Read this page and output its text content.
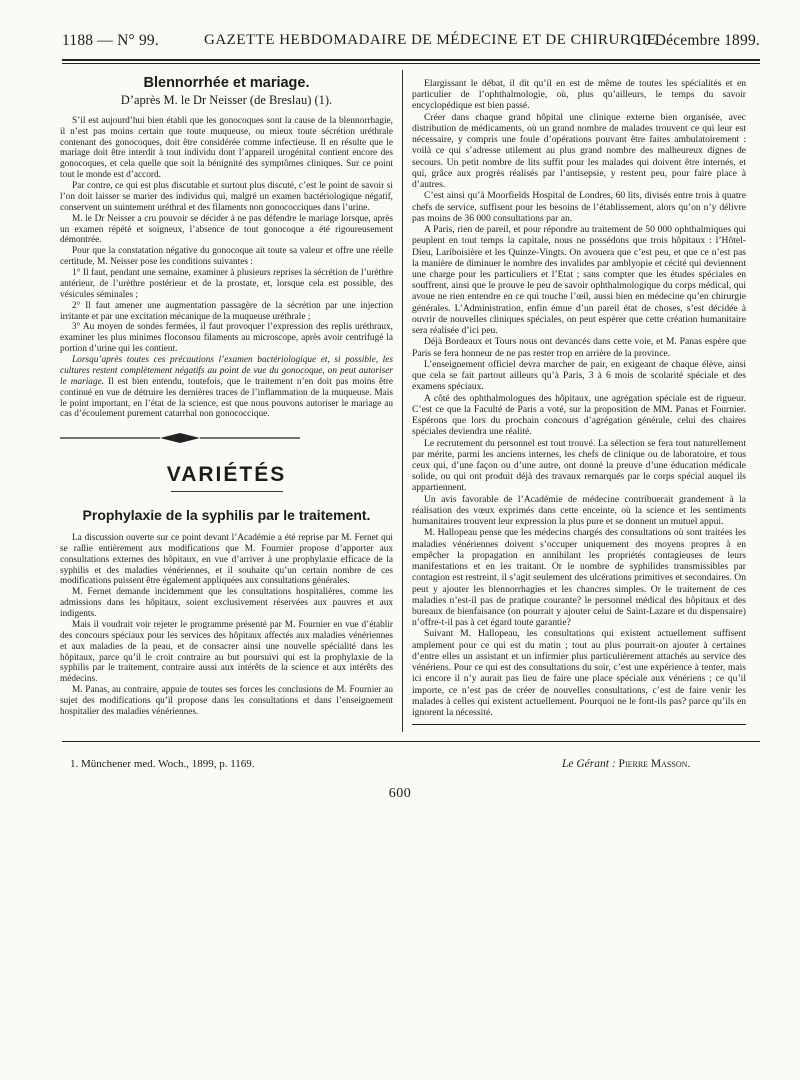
1188 — N° 99.	GAZETTE HEBDOMADAIRE DE MÉDECINE ET DE CHIRURGIE
10 Décembre 1899.
Blennorrhée et mariage.
D’après M. le Dr Neisser (de Breslau) (1).

S’il est aujourd’hui bien établi que les gonocoques sont la cause de la blennorrhagie, il n’est pas moins certain que toute muqueuse, ou mieux toute sécrétion uréthrale contenant des gonocoques, doit être considérée comme infectieuse. Il en résulte que le mariage doit être interdit à tout individu dont l’appareil urogénital contient encore des gonocoques, et cela quelle que soit la bénignité des symptômes cliniques. Sur ce point tout le monde est d’accord.

Par contre, ce qui est plus discutable et surtout plus discuté, c’est le point de savoir si l’on doit laisser se marier des individus qui, malgré un examen bactériologique négatif, conservent un suintement uréthral et des filaments non gonococciques dans l’urine.

M. le Dr Neisser a cru pouvoir se décider à ne pas défendre le mariage lorsque, après un examen répété et soigneux, l’absence de tout gonocoque a été rigoureusement démontrée.

Pour que la constatation négative du gonocoque ait toute sa valeur et offre une réelle certitude, M. Neisser pose les conditions suivantes :

1° Il faut, pendant une semaine, examiner à plusieurs reprises la sécrétion de l’urèthre antérieur, de l’urèthre postérieur et de la prostate, et, lorsque cela est possible, des vésicules séminales ;

2° Il faut amener une augmentation passagère de la sécrétion par une injection irritante et par une excitation mécanique de la muqueuse uréthrale ;

3° Au moyen de sondes fermées, il faut provoquer l’expression des replis uréthraux, examiner les plus minimes floconsou filaments au microscope, après avoir centrifugé la portion d’urine qui les contient.

Lorsqu’après toutes ces précautions l’examen bactériologique et, si possible, les cultures restent complètement négatifs au point de vue du gonocoque, on peut autoriser le mariage. Il est bien entendu, toutefois, que le traitement n’en doit pas moins être continué en vue de détruire les dernières traces de l’inflammation de la muqueuse. Mais le point important, en l’état de la science, est que nous pouvons autoriser le mariage au cas d’écoulement purement catarrhal non gonococcique.

VARIÉTÉS
Prophylaxie de la syphilis par le traitement.

La discussion ouverte sur ce point devant l’Académie a été reprise par M. Fernet qui se rallie entièrement aux modifications que M. Fournier propose d’apporter aux consultations externes des hôpitaux, en vue d’arriver à une prophylaxie efficace de la syphilis et des maladies vénériennes, et il souhaite qu’un certain nombre de ces modifications puissent être également appliquées aux consultations générales.

M. Fernet demande incidemment que les consultations hospitalières, comme les admissions dans les hôpitaux, soient exclusivement réservées aux pauvres et aux indigents.

Mais il voudrait voir rejeter le programme présenté par M. Fournier en vue d’établir des concours spéciaux pour les services des hôpitaux affectés aux maladies vénériennes et aux maladies de la peau, et de consacrer ainsi une nouvelle spécialité dans les hôpitaux, parce qu’il le croit contraire au but poursuivi qui est la prophylaxie de la syphilis par le traitement, contraire aussi aux intérêts de la science et aux intérêts des médecins.

M. Panas, au contraire, appuie de toutes ses forces les conclusions de M. Fournier au sujet des modifications qu’il propose dans les consultations et dans l’enseignement hospitalier des maladies vénériennes.

Elargissant le débat, il dit qu’il en est de même de toutes les spécialités et en particulier de l’ophthalmologie, où, plus qu’ailleurs, le temps du savoir encyclopédique est bien passé.

Créer dans chaque grand hôpital une clinique externe bien organisée, avec distribution de médicaments, où un grand nombre de malades trouvent ce qui leur est nécessaire, y compris une foule d’opérations pouvant être faites ambulatoirement : voilà ce qui s’adresse utilement au plus grand nombre des malheureux dignes de secours. Un petit nombre de lits suffit pour les malades qui doivent être internés, et qui, grâce aux progrès réalisés par l’antisepsie, y restent peu, pour faire place à d’autres.

C’est ainsi qu’à Moorfields Hospital de Londres, 60 lits, divisés entre trois à quatre chefs de service, suffisent pour les besoins de l’établissement, alors qu’on n’y délivre pas moins de 36 000 consultations par an.

A Paris, rien de pareil, et pour répondre au traitement de 50 000 ophthalmiques qui peuplent en tout temps la capitale, nous ne possédons que trois hôpitaux : l’Hôtel-Dieu, Lariboisière et les Quinze-Vingts. On avouera que c’est peu, et que ce n’est pas la manière de diminuer le nombre des invalides par amblyopie et cécité qui deviennent une charge pour les particuliers et l’Etat ; sans compter que les études spéciales en souffrent, ainsi que le prouve le peu de savoir ophthalmologique du corps médical, qui avoue ne rien entendre en ce qui touche l’œil, aussi bien en médecine qu’en chirurgie générales. L’Administration, enfin émue d’un pareil état de choses, s’est décidée à ouvrir de nouvelles cliniques spéciales, on peut espérer que cette création humanitaire sera réalisée d’ici peu.

Déjà Bordeaux et Tours nous ont devancés dans cette voie, et M. Panas espère que Paris se fera honneur de ne pas rester trop en arrière de la province.

L’enseignement officiel devra marcher de pair, en exigeant de chaque élève, ainsi que cela se fait partout ailleurs qu’à Paris, 3 à 6 mois de scolarité spéciale et des examens spéciaux.

A côté des ophthalmologues des hôpitaux, une agrégation spéciale est de rigueur. C’est ce que la Faculté de Paris a voté, sur la proposition de MM. Panas et Fournier. Espérons que lors du prochain concours d’agrégation générale, celui des chaires spéciales deviendra une réalité.

Le recrutement du personnel est tout trouvé. La sélection se fera tout naturellement par mérite, parmi les anciens internes, les chefs de clinique ou de laboratoire, et tous ceux qui, d’une façon ou d’une autre, ont donné la preuve d’une éducation médicale solide, ou qui ont produit déjà des travaux remarqués par le corps spécial auquel ils appartiennent.

Un avis favorable de l’Académie de médecine contribuerait grandement à la réalisation des vœux exprimés dans cette enceinte, où la science et les sentiments humanitaires trouvent leur expression la plus pure et se donnent un mutuel appui.

M. Hallopeau pense que les médecins chargés des consultations où sont traitées les maladies vénériennes doivent s’occuper uniquement des moyens propres à en empêcher la propagation en annihilant les propriétés contagieuses de leurs manifestations et en les traitant. Or le nombre de syphilides transmissibles par contagion est restreint, il s’agit seulement des ulcérations primitives et secondaires. On peut y ajouter les blennorrhagies et les chancres simples. Or le traitement de ces maladies n’est-il pas de pratique courante? le personnel médical des hôpitaux et des bureaux de bienfaisance (on pourrait y ajouter celui de Saint-Lazare et du dispensaire) n’offre-t-il pas à cet égard toute garantie?

Suivant M. Hallopeau, les consultations qui existent actuellement suffisent amplement pour ce qui est du matin ; tout au plus pourrait-on ajouter à certaines d’entre elles un assistant et un infirmier plus particulièrement attachés au service des vénériens. Pour ce qui est des consultations du soir, c’est une expérience à tenter, mais ici encore il n’y aurait pas lieu de faire une place spéciale aux vénériens ; ce qu’il importe, ce n’est pas de créer de nouvelles consultations, c’est de faire venir les malades à celles qui existent actuellement. Pourquoi ne le font-ils pas? parce qu’ils en ignorent la nécessité.

1. Münchener med. Woch., 1899, p. 1169.	Le Gérant : Pierre Masson.
600
